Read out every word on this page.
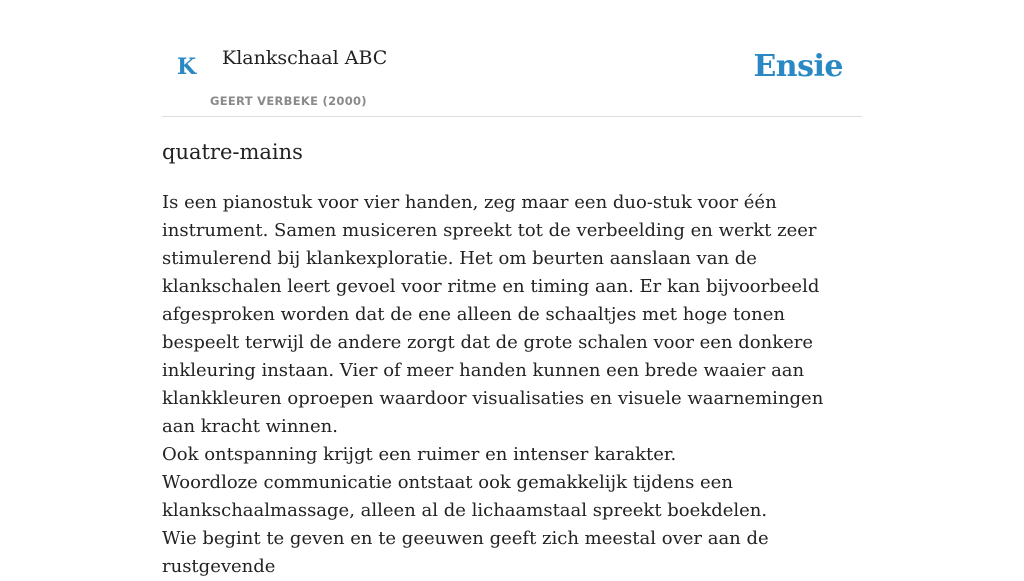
K Klankschaal ABC
GEERT VERBEKE (2000)
Ensie
quatre-mains

Is een pianostuk voor vier handen, zeg maar een duo-stuk voor één instrument. Samen musiceren spreekt tot de verbeelding en werkt zeer stimulerend bij klankexploratie. Het om beurten aanslaan van de klankschalen leert gevoel voor ritme en timing aan. Er kan bijvoorbeeld afgesproken worden dat de ene alleen de schaaltjes met hoge tonen bespeelt terwijl de andere zorgt dat de grote schalen voor een donkere inkleuring instaan. Vier of meer handen kunnen een brede waaier aan klankkleuren oproepen waardoor visualisaties en visuele waarnemingen aan kracht winnen.

Ook ontspanning krijgt een ruimer en intenser karakter.

Woordloze communicatie ontstaat ook gemakkelijk tijdens een klankschaalmassage, alleen al de lichaamstaal spreekt boekdelen.

Wie begint te geven en te geeuwen geeft zich meestal over aan de rustgevende
